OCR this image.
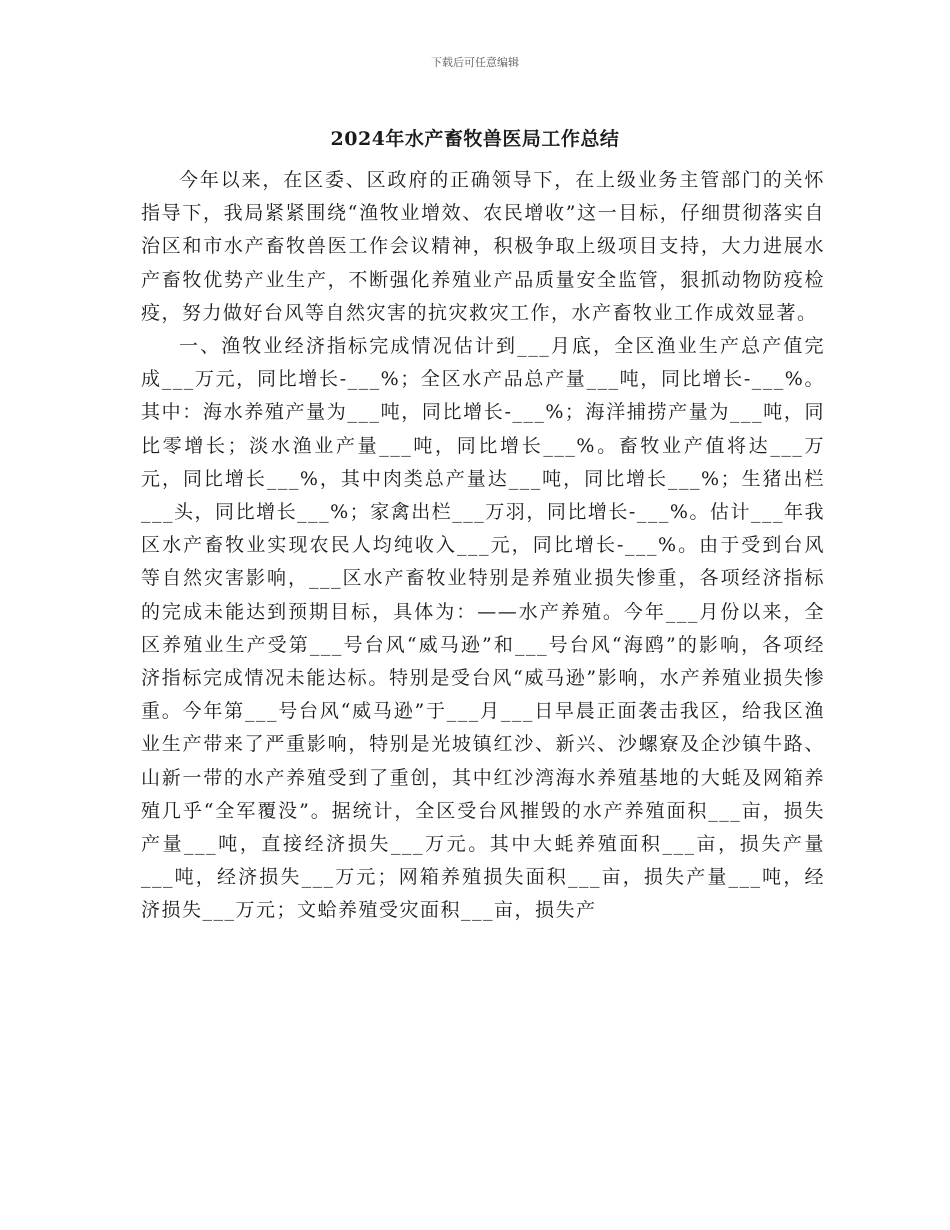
下载后可任意编辑
2024年水产畜牧兽医局工作总结

今年以来，在区委、区政府的正确领导下，在上级业务主管部门的关怀指导下，我局紧紧围绕“渔牧业增效、农民增收”这一目标，仔细贯彻落实自治区和市水产畜牧兽医工作会议精神，积极争取上级项目支持，大力进展水产畜牧优势产业生产，不断强化养殖业产品质量安全监管，狠抓动物防疫检疫，努力做好台风等自然灾害的抗灾救灾工作，水产畜牧业工作成效显著。

一、渔牧业经济指标完成情况估计到___月底，全区渔业生产总产值完成___万元，同比增长-___%；全区水产品总产量___吨，同比增长-___%。其中：海水养殖产量为___吨，同比增长-___%；海洋捕捞产量为___吨，同比零增长；淡水渔业产量___吨，同比增长___%。畜牧业产值将达___万元，同比增长___%，其中肉类总产量达___吨，同比增长___%；生猪出栏___头，同比增长___%；家禽出栏___万羽，同比增长-___%。估计___年我区水产畜牧业实现农民人均纯收入___元，同比增长-___%。由于受到台风等自然灾害影响，___区水产畜牧业特别是养殖业损失惨重，各项经济指标的完成未能达到预期目标，具体为：——水产养殖。今年___月份以来，全区养殖业生产受第___号台风“威马逊”和___号台风“海鸥”的影响，各项经济指标完成情况未能达标。特别是受台风“威马逊”影响，水产养殖业损失惨重。今年第___号台风“威马逊”于___月___日早晨正面袭击我区，给我区渔业生产带来了严重影响，特别是光坡镇红沙、新兴、沙螺寮及企沙镇牛路、山新一带的水产养殖受到了重创，其中红沙湾海水养殖基地的大蚝及网箱养殖几乎“全军覆没”。据统计，全区受台风摧毁的水产养殖面积___亩，损失产量___吨，直接经济损失___万元。其中大蚝养殖面积___亩，损失产量___吨，经济损失___万元；网箱养殖损失面积___亩，损失产量___吨，经济损失___万元；文蛤养殖受灾面积___亩，损失产
